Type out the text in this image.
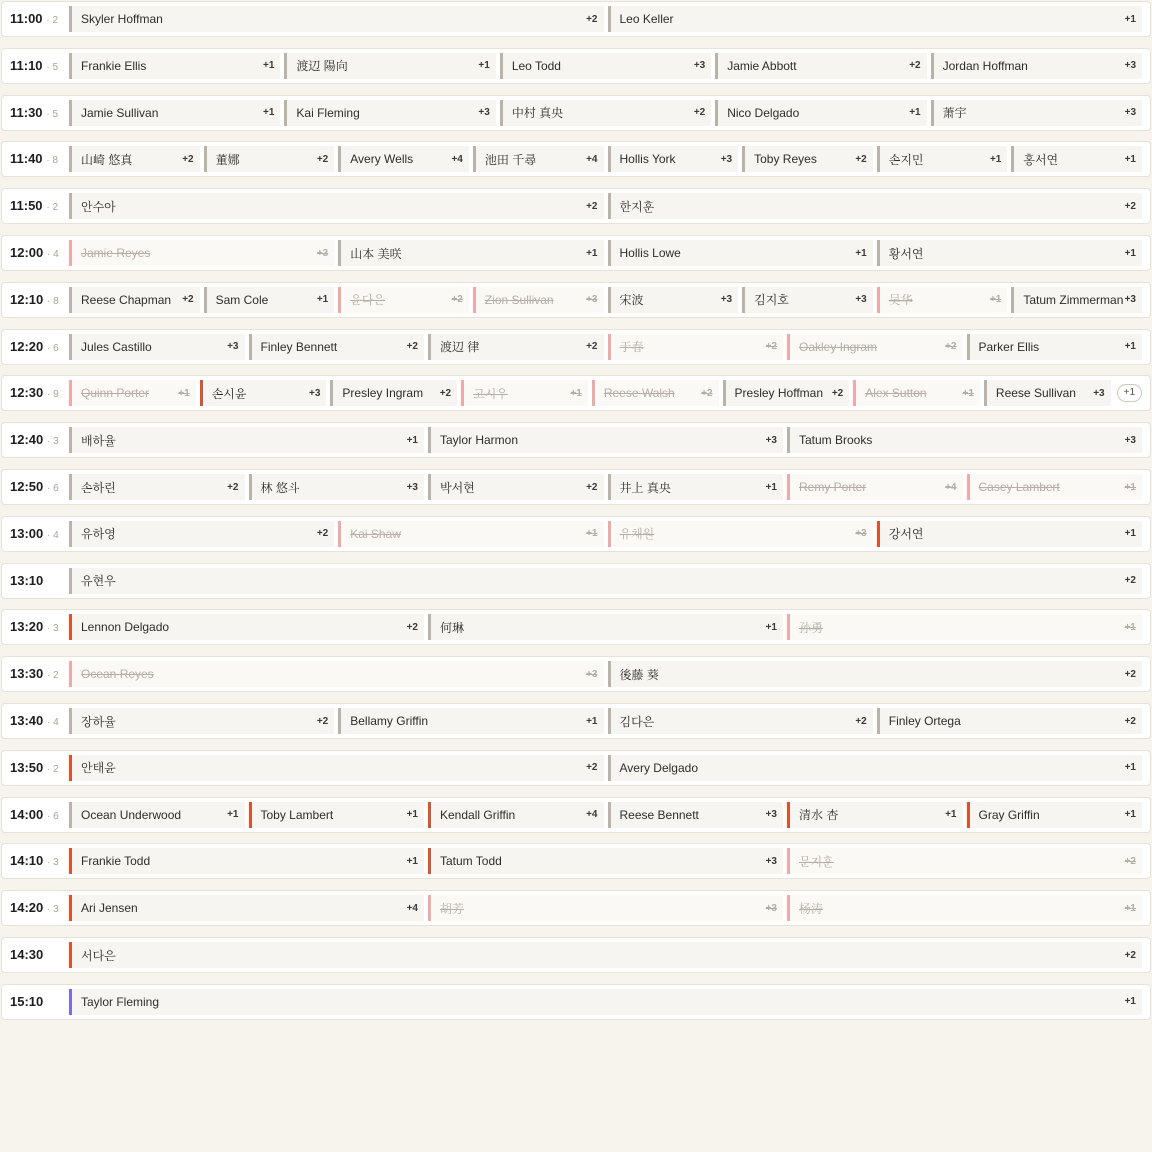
11:00 · 2 Skyler Hoffman	+2 Leo Keller	+1
11:10 · 5 Frankie Ellis	+1 渡辺 陽向	+1 Leo Todd	+3 Jamie Abbott	+2 Jordan Hoffman	+3
11:30 · 5 Jamie Sullivan	+1 Kai Fleming	+3 中村 真央	+2 Nico Delgado	+1 萧宇	+3
11:40 · 8 山崎 悠真	+2 董娜	+2 Avery Wells	+4 池田 千尋	+4 Hollis York	+3 Toby Reyes	+2 손지민	+1 홍서연	+1
11:50 · 2 안수아	+2 한지훈	+2
12:00 · 4 Jamie Reyes	+3 山本 美咲	+1 Hollis Lowe	+1 황서연	+1
12:10 · 8 Reese Chapman	+2 Sam Cole	+1 윤다은	+2 Zion Sullivan	+3 宋波	+3 김지호	+3 吴华	+1 Tatum Zimmerman +3
12:20 · 6 Jules Castillo	+3 Finley Bennett	+2 渡辺 律	+2 于春	+2 Oakley Ingram	+2 Parker Ellis	+1
12:30 · 9 Quinn Porter	+1 손시윤	+3 Presley Ingram	+2 고시우	+1 Reese Walsh	+2 Presley Hoffman +2 Alex Sutton	+1 Reese Sullivan	+3	+1
12:40 · 3 배하율	+1 Taylor Harmon	+3 Tatum Brooks	+3
12:50 · 6 손하린	+2 林 悠斗	+3 박서현	+2 井上 真央	+1 Remy Porter	+4 Casey Lambert	+1
13:00 · 4 유하영	+2 Kai Shaw	+1 유채원	+3 강서연	+1
13:10	유현우	+2
13:20 · 3 Lennon Delgado	+2 何琳	+1 孙勇	+1
13:30 · 2 Ocean Reyes	+3 後藤 葵	+2
13:40 · 4 장하율	+2 Bellamy Griffin	+1 김다은	+2 Finley Ortega	+2
13:50 · 2 안태윤	+2 Avery Delgado	+1
14:00 · 6 Ocean Underwood	+1 Toby Lambert	+1 Kendall Griffin	+4 Reese Bennett	+3 清水 杏	+1 Gray Griffin	+1
14:10 · 3 Frankie Todd	+1 Tatum Todd	+3 문지훈	+2
14:20 · 3 Ari Jensen	+4 胡芳	+3 杨涛	+1
14:30	서다은	+2
15:10	Taylor Fleming	+1
